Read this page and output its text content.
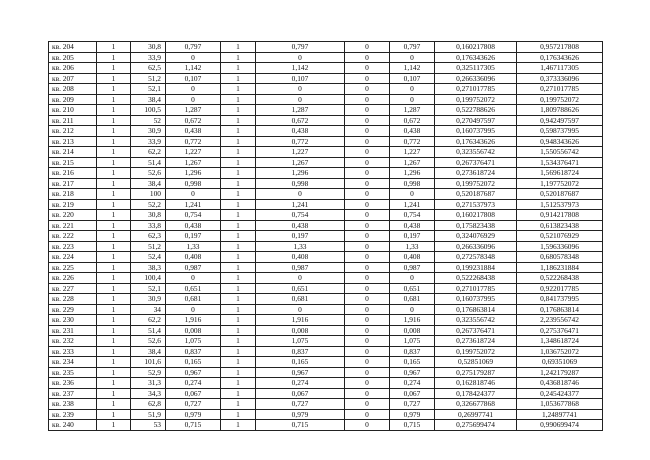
кв. 204	1	30,8	0,797	1	0,797	0	0,797	0,160217808	0,957217808
кв. 205	1	33,9	0	1	0	0	0	0,176343626	0,176343626
кв. 206	1	62,5	1,142	1	1,142	0	1,142	0,325117305	1,467117305
кв. 207	1	51,2	0,107	1	0,107	0	0,107	0,266336096	0,373336096
кв. 208	1	52,1	0	1	0	0	0	0,271017785	0,271017785
кв. 209	1	38,4	0	1	0	0	0	0,199752072	0,199752072
кв. 210	1	100,5	1,287	1	1,287	0	1,287	0,522788626	1,809788626
кв. 211	1	52	0,672	1	0,672	0	0,672	0,270497597	0,942497597
кв. 212	1	30,9	0,438	1	0,438	0	0,438	0,160737995	0,598737995
кв. 213	1	33,9	0,772	1	0,772	0	0,772	0,176343626	0,948343626
кв. 214	1	62,2	1,227	1	1,227	0	1,227	0,323556742	1,550556742
кв. 215	1	51,4	1,267	1	1,267	0	1,267	0,267376471	1,534376471
кв. 216	1	52,6	1,296	1	1,296	0	1,296	0,273618724	1,569618724
кв. 217	1	38,4	0,998	1	0,998	0	0,998	0,199752072	1,197752072
кв. 218	1	100	0	1	0	0	0	0,520187687	0,520187687
кв. 219	1	52,2	1,241	1	1,241	0	1,241	0,271537973	1,512537973
кв. 220	1	30,8	0,754	1	0,754	0	0,754	0,160217808	0,914217808
кв. 221	1	33,8	0,438	1	0,438	0	0,438	0,175823438	0,613823438
кв. 222	1	62,3	0,197	1	0,197	0	0,197	0,324076929	0,521076929
кв. 223	1	51,2	1,33	1	1,33	0	1,33	0,266336096	1,596336096
кв. 224	1	52,4	0,408	1	0,408	0	0,408	0,272578348	0,680578348
кв. 225	1	38,3	0,987	1	0,987	0	0,987	0,199231884	1,186231884
кв. 226	1	100,4	0	1	0	0	0	0,522268438	0,522268438
кв. 227	1	52,1	0,651	1	0,651	0	0,651	0,271017785	0,922017785
кв. 228	1	30,9	0,681	1	0,681	0	0,681	0,160737995	0,841737995
кв. 229	1	34	0	1	0	0	0	0,176863814	0,176863814
кв. 230	1	62,2	1,916	1	1,916	0	1,916	0,323556742	2,239556742
кв. 231	1	51,4	0,008	1	0,008	0	0,008	0,267376471	0,275376471
кв. 232	1	52,6	1,075	1	1,075	0	1,075	0,273618724	1,348618724
кв. 233	1	38,4	0,837	1	0,837	0	0,837	0,199752072	1,036752072
кв. 234	1	101,6	0,165	1	0,165	0	0,165	0,52851069	0,69351069
кв. 235	1	52,9	0,967	1	0,967	0	0,967	0,275179287	1,242179287
кв. 236	1	31,3	0,274	1	0,274	0	0,274	0,162818746	0,436818746
кв. 237	1	34,3	0,067	1	0,067	0	0,067	0,178424377	0,245424377
кв. 238	1	62,8	0,727	1	0,727	0	0,727	0,326677868	1,053677868
кв. 239	1	51,9	0,979	1	0,979	0	0,979	0,26997741	1,24897741
кв. 240	1	53	0,715	1	0,715	0	0,715	0,275699474	0,990699474
